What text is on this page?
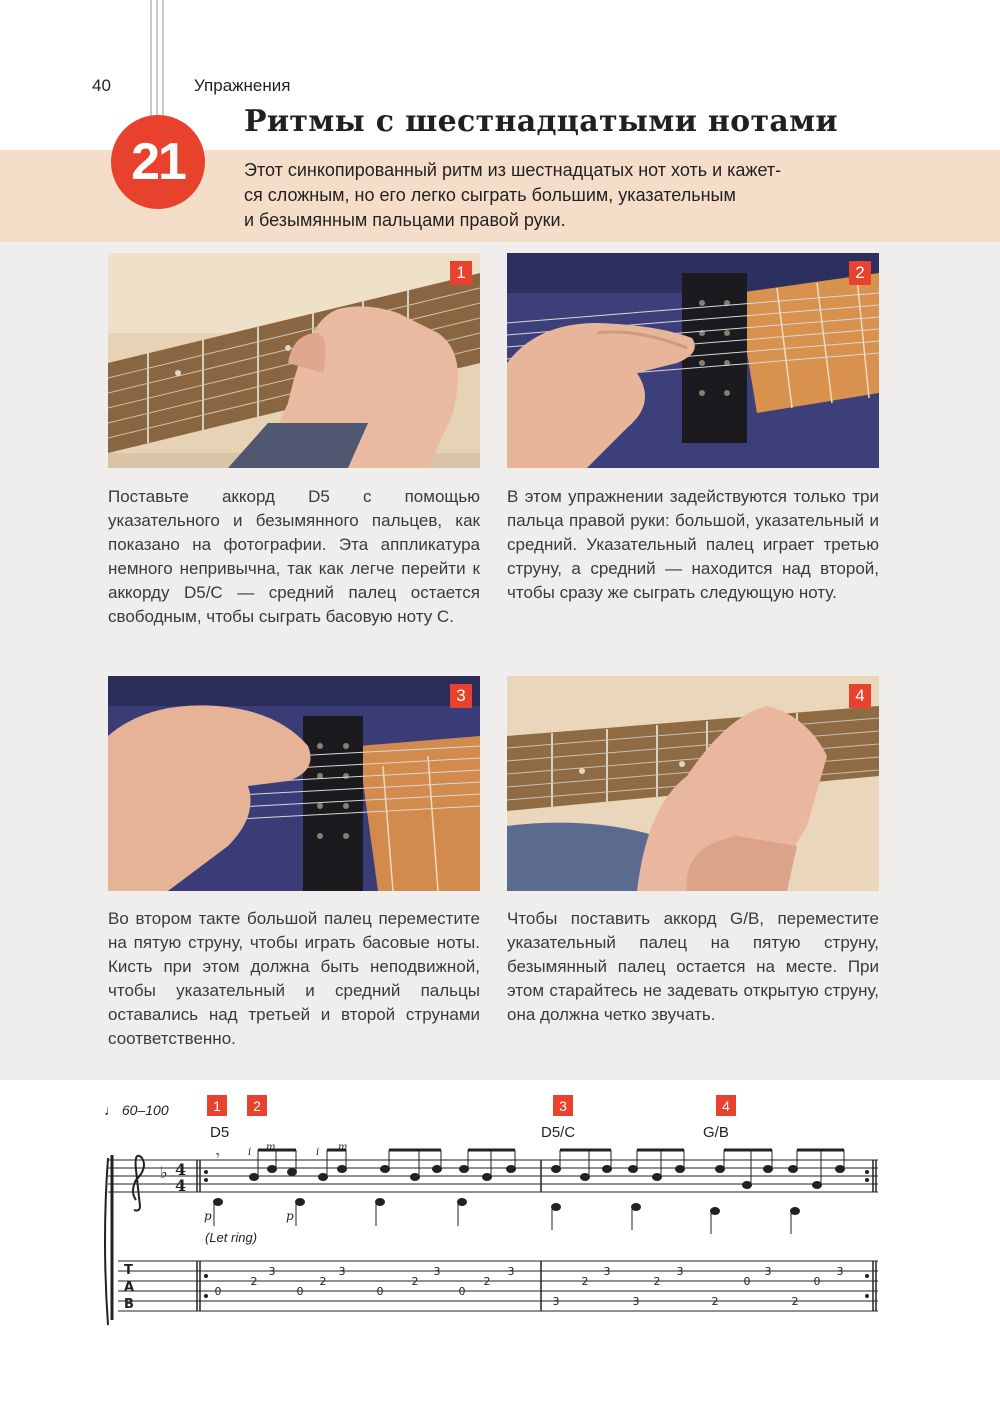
40	Упражнения
21
Ритмы с шестнадцатыми нотами
Этот синкопированный ритм из шестнадцатых нот хоть и кажет-
ся сложным, но его легко сыграть большим, указательным
и безымянным пальцами правой руки.
1	2
Поставьте аккорд D5 с помощью указательного и безымянного пальцев, как показано на фотографии. Эта аппликатура немного непривычна, так как легче перейти к аккорду D5/C — средний палец остается свободным, чтобы сыграть басовую ноту C.
В этом упражнении задействуются только три пальца правой руки: большой, указательный и средний. Указательный палец играет третью струну, а средний — находится над второй, чтобы сразу же сыграть следующую ноту.
3	4
Во втором такте большой палец переместите на пятую струну, чтобы играть басовые ноты. Кисть при этом должна быть неподвижной, чтобы указательный и средний пальцы оставались над третьей и второй струнами соответственно.
Чтобы поставить аккорд G/B, переместите указательный палец на пятую струну, безымянный палец остается на месте. При этом старайтесь не задевать открытую струну, она должна четко звучать.
♩ 60–100	1	2	3	4
D5	D5/C	G/B
(Let ring)
♭ 4
4
T
A
B
𝄾
p
i m
p
i m
3	3	3	3	3	3	3	3
2	2	2	2	2	2	0	0
0	0	0	0
3	3	2	2
